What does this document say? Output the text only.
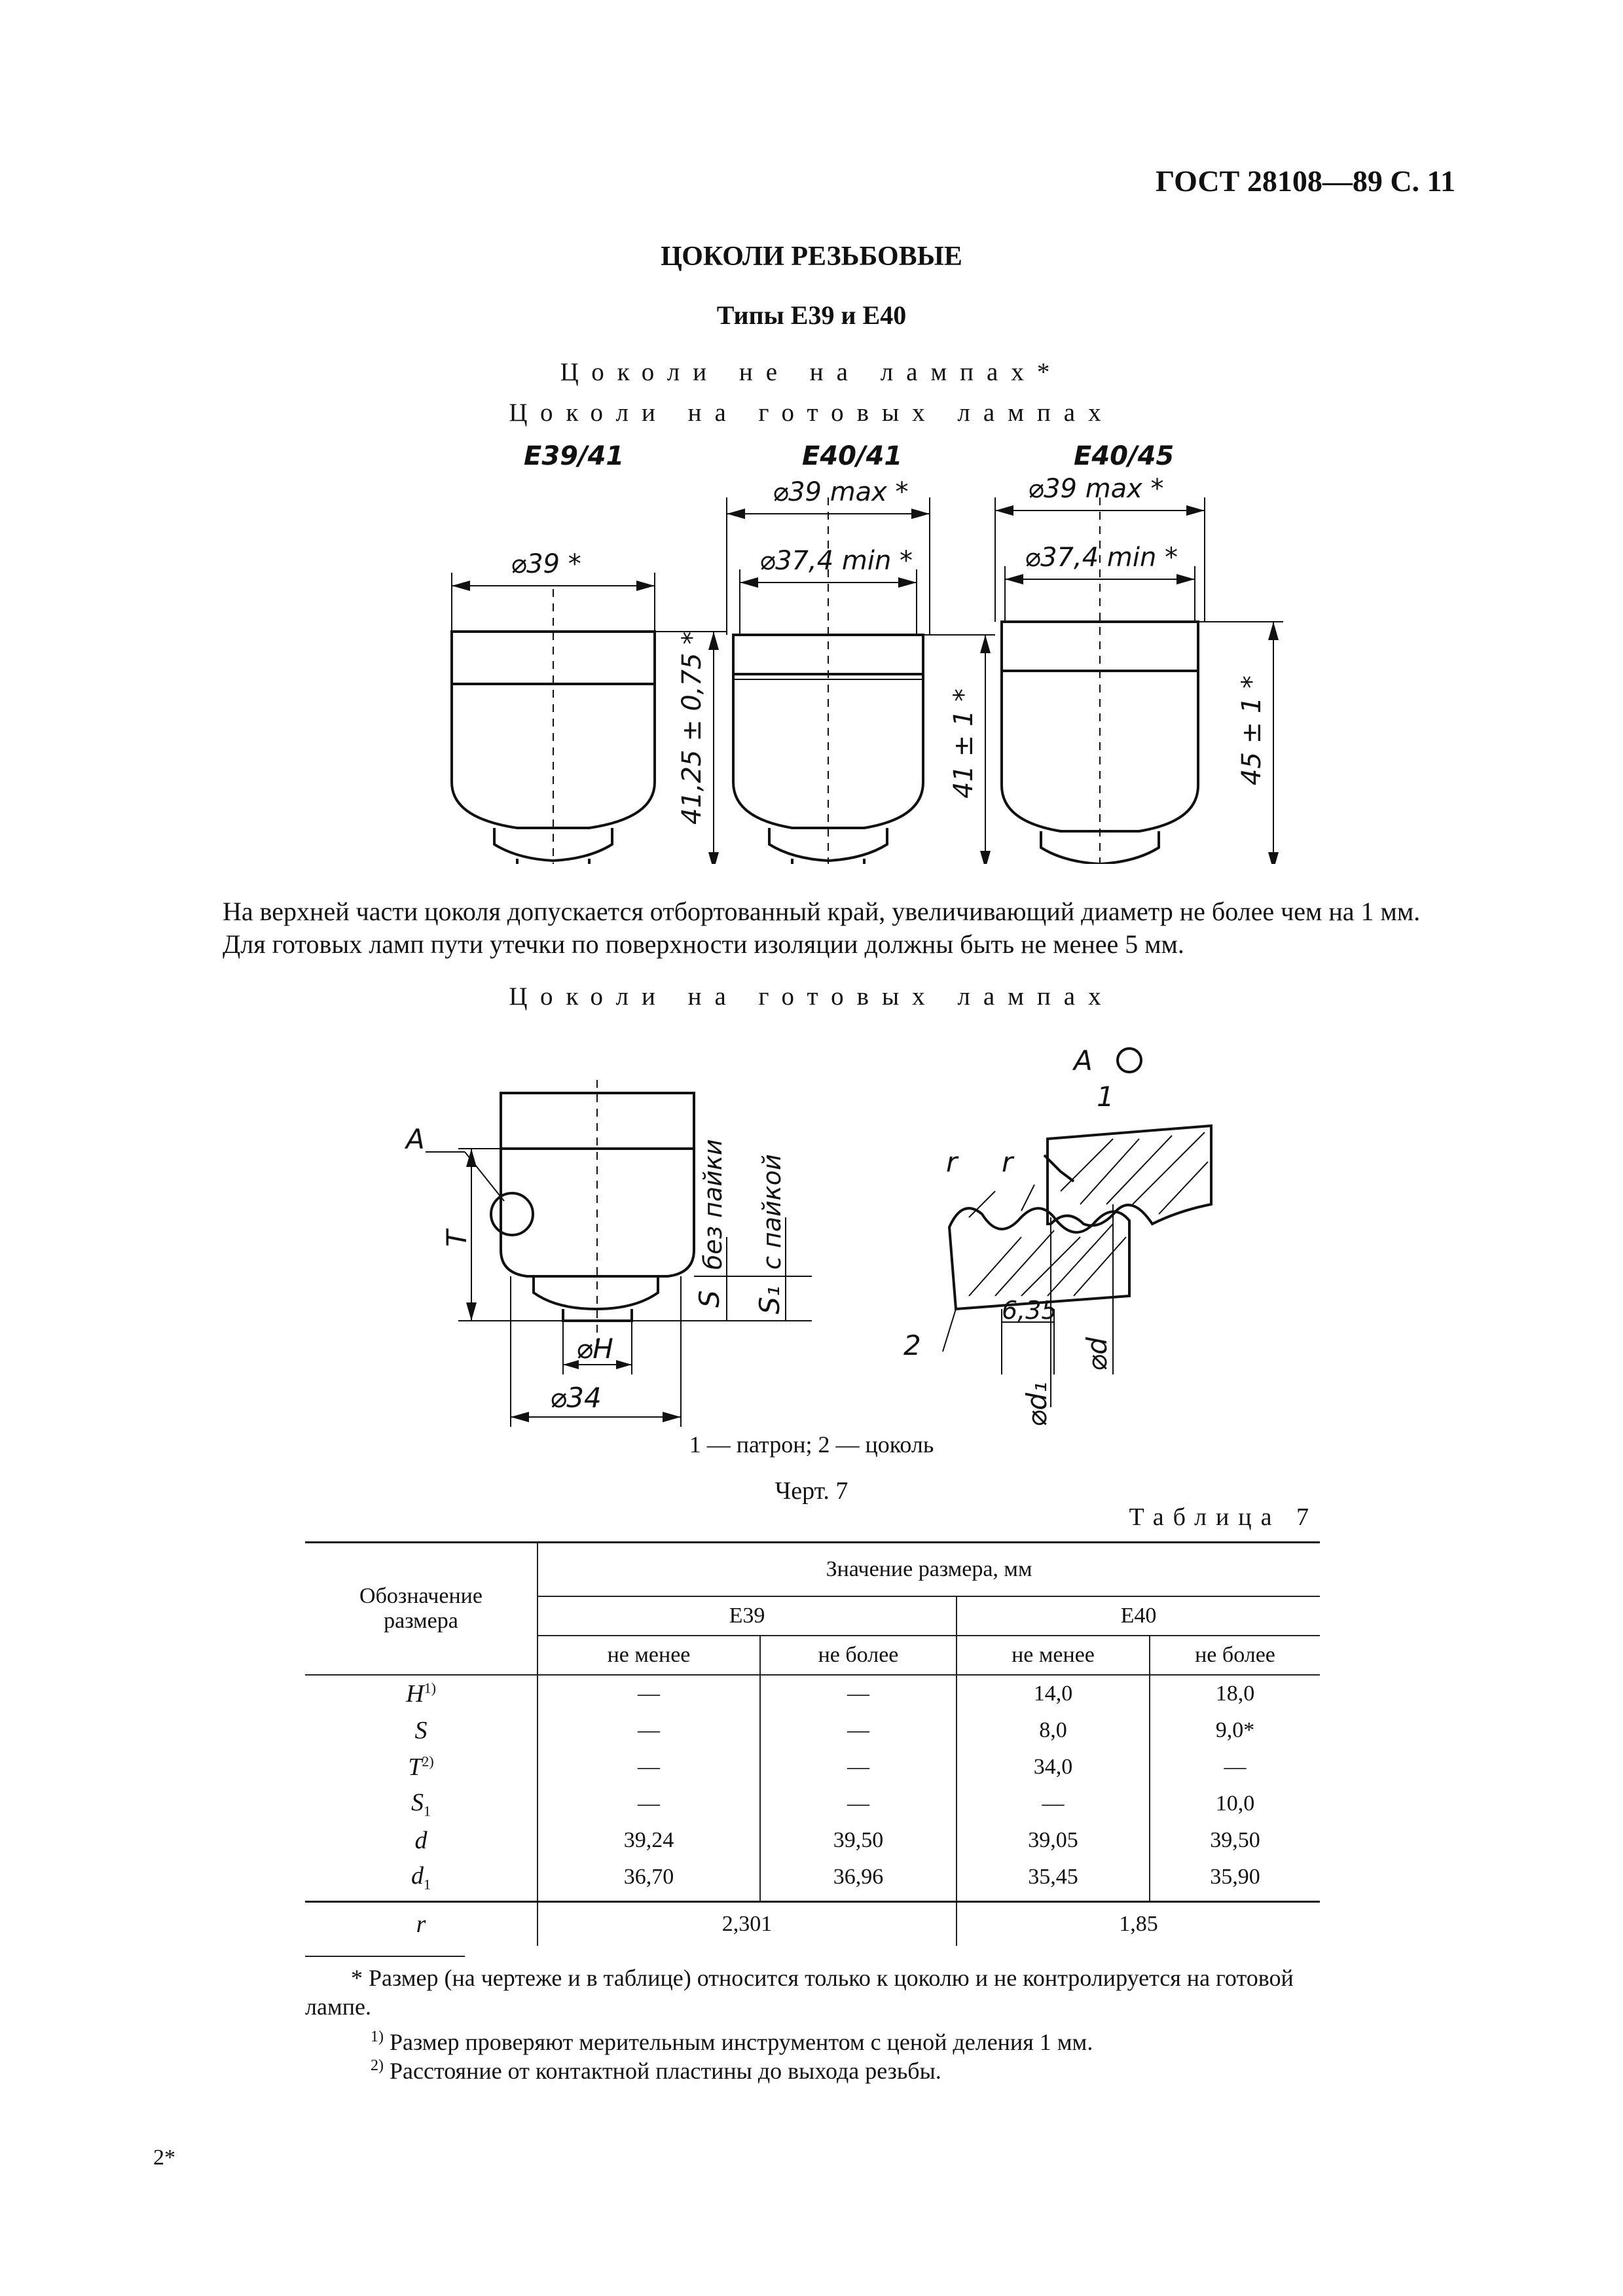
ГОСТ 28108—89 С. 11
ЦОКОЛИ РЕЗЬБОВЫЕ
Типы Е39 и Е40
Цоколи не на лампах*
Цоколи на готовых лампах
E39/41	E40/41	E40/45
⌀39 *
⌀39 max *
⌀37,4 min *
⌀39 max *
⌀37,4 min *
41,25 ± 0,75 *	41 ± 1 *	45 ± 1 *
На верхней части цоколя допускается отбортованный край, увеличивающий диаметр не более чем на 1 мм.
Для готовых ламп пути утечки по поверхности изоляции должны быть не менее 5 мм.
Цоколи на готовых лампах
A
T
S S₁
без пайки с пайкой
⌀H
⌀34
A
1
2
r r
6,35
⌀d
⌀d₁
1 — патрон; 2 — цоколь
Черт. 7
Таблица 7
Обозначение размера	Значение размера, мм			
	Е39		Е40	
	не менее	не более	не менее	не более
$H^{1)}$	—	—	14,0	18,0
S	—	—	8,0	9,0*
$T^{2)}$	—	—	34,0	—
$S_1$	—	—	—	10,0
d	39,24	39,50	39,05	39,50
$d_1$	36,70	36,96	35,45	35,90
r	2,301		1,85	
* Размер (на чертеже и в таблице) относится только к цоколю и не контролируется на готовой лампе.
$^{1)}$ Размер проверяют мерительным инструментом с ценой деления 1 мм.
$^{2)}$ Расстояние от контактной пластины до выхода резьбы.
2*
